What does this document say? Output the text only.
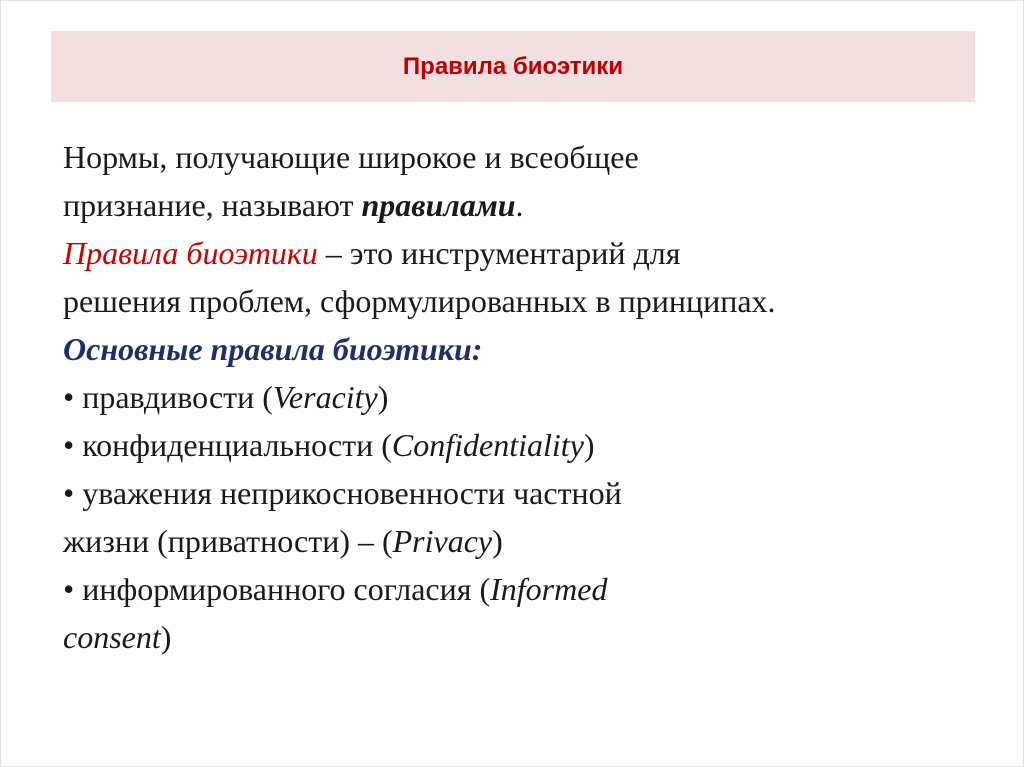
Правила биоэтики

Нормы, получающие широкое и всеобщее

признание, называют правилами.

Правила биоэтики – это инструментарий для

решения проблем, сформулированных в принципах.

Основные правила биоэтики:

• правдивости (Veracity)

• конфиденциальности (Confidentiality)

• уважения неприкосновенности частной

жизни (приватности) – (Privacy)

• информированного согласия (Informed

consent)
